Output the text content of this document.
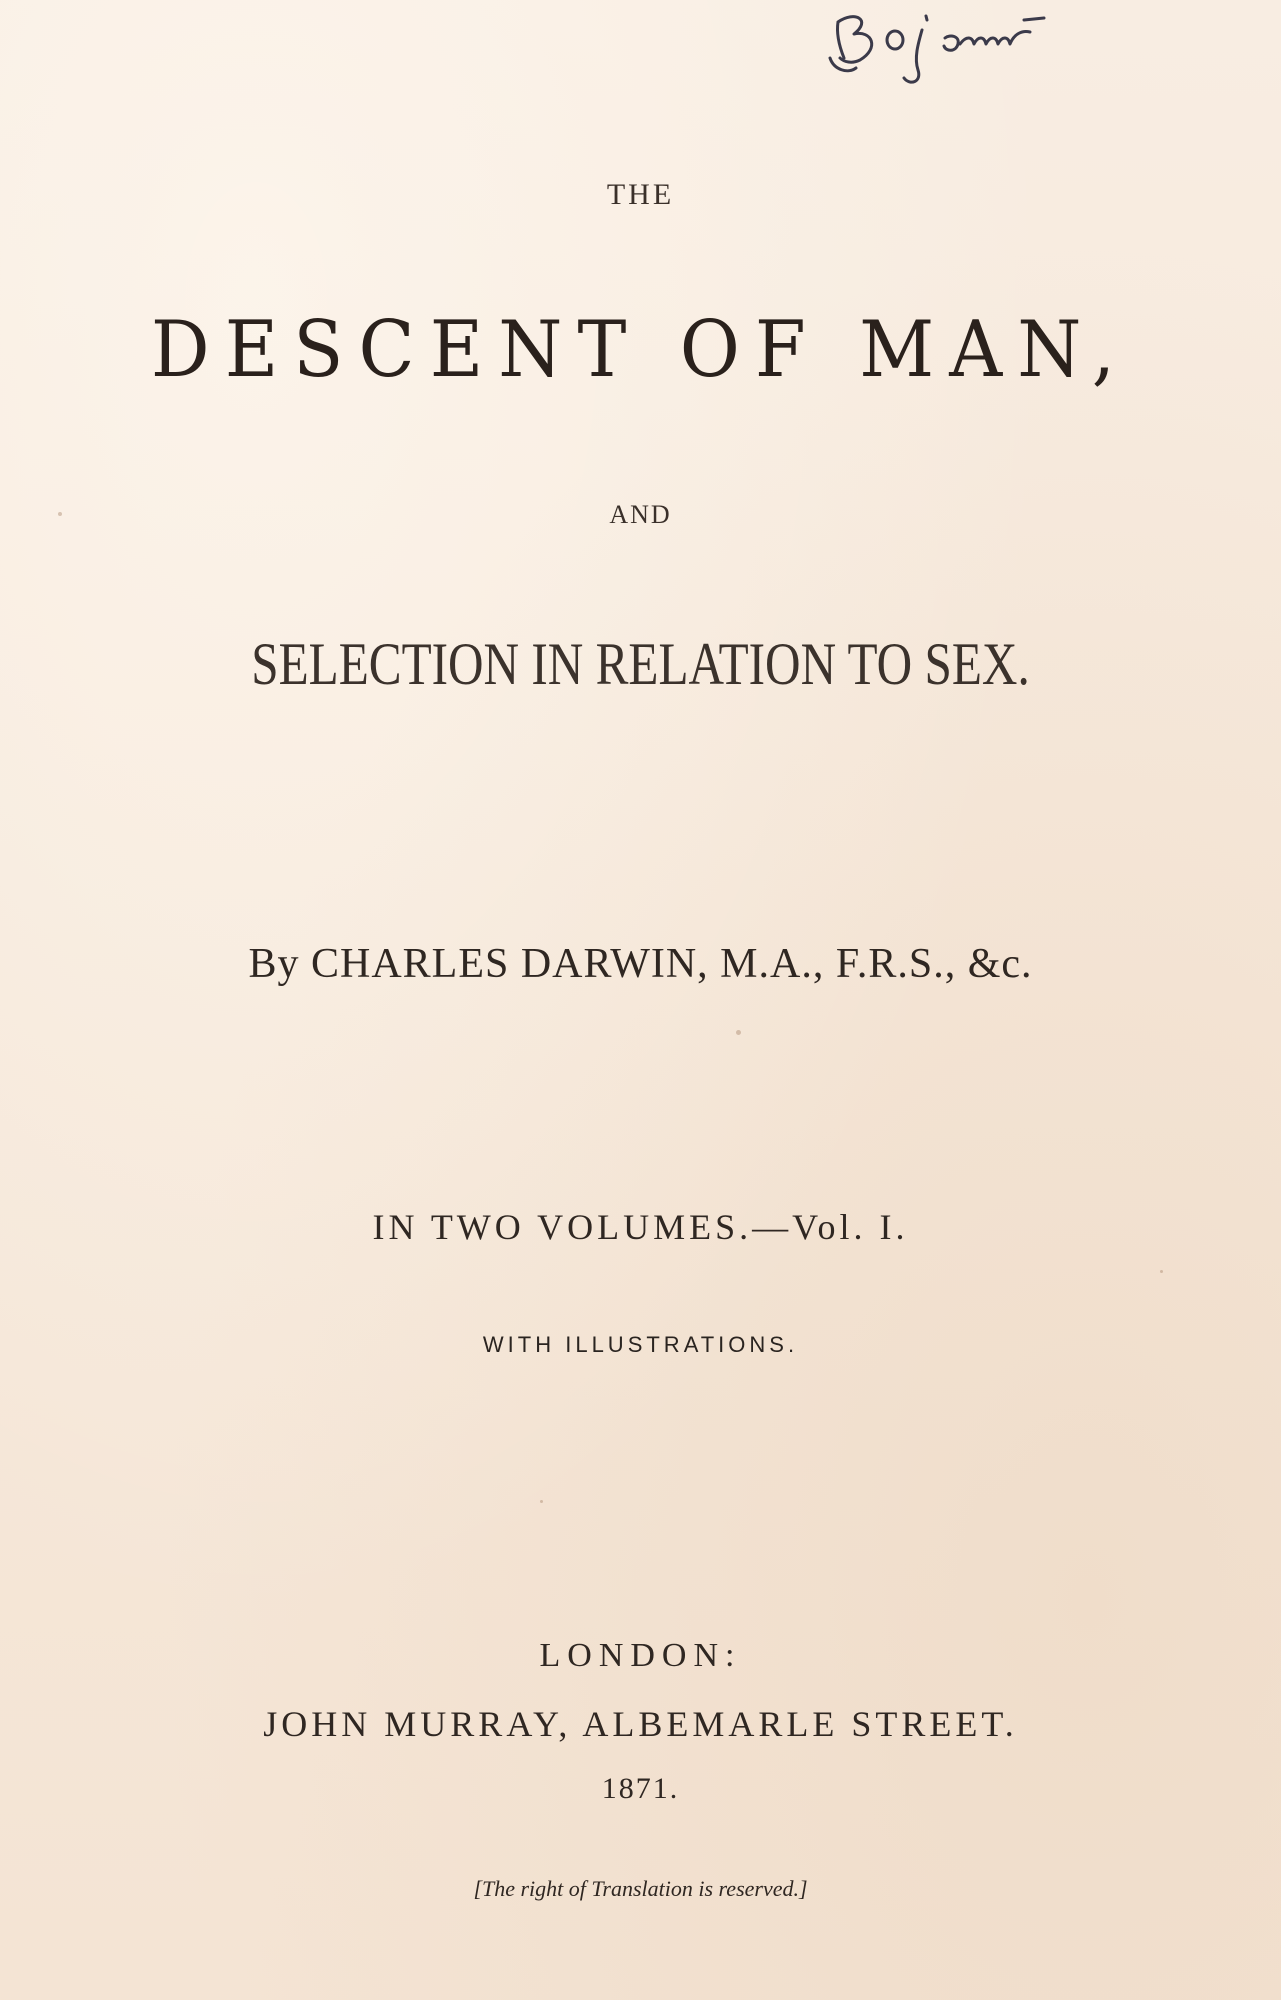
THE
DESCENT OF MAN,
AND
SELECTION IN RELATION TO SEX.
By CHARLES DARWIN, M.A., F.R.S., &c.
IN TWO VOLUMES.—Vol. I.
WITH ILLUSTRATIONS.
LONDON:
JOHN MURRAY, ALBEMARLE STREET.
1871.
[The right of Translation is reserved.]
